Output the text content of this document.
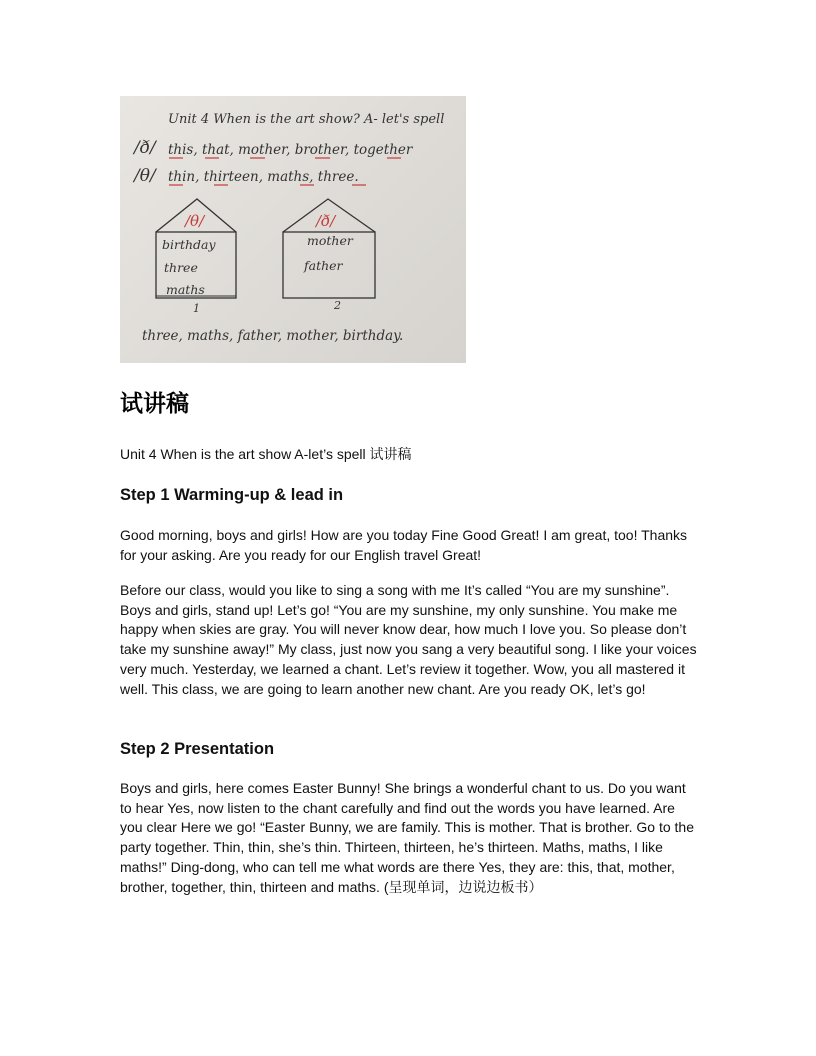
Unit 4 When is the art show? A- let's spell
/ð/ this, that, mother, brother, together
/θ/ thin, thirteen, maths, three.
/θ/
birthday
three
maths
1
/ð/
mother
father
2
three, maths, father, mother, birthday.
试讲稿

Unit 4 When is the art show A-let’s spell 试讲稿

Step 1 Warming-up & lead in

Good morning, boys and girls! How are you today Fine Good Great! I am great, too! Thanks for your asking. Are you ready for our English travel Great!

Before our class, would you like to sing a song with me It’s called “You are my sunshine”. Boys and girls, stand up! Let’s go! “You are my sunshine, my only sunshine. You make me happy when skies are gray. You will never know dear, how much I love you. So please don’t take my sunshine away!” My class, just now you sang a very beautiful song. I like your voices very much. Yesterday, we learned a chant. Let’s review it together. Wow, you all mastered it well. This class, we are going to learn another new chant. Are you ready OK, let’s go!

Step 2 Presentation

Boys and girls, here comes Easter Bunny! She brings a wonderful chant to us. Do you want to hear Yes, now listen to the chant carefully and find out the words you have learned. Are you clear Here we go! “Easter Bunny, we are family. This is mother. That is brother. Go to the party together. Thin, thin, she’s thin. Thirteen, thirteen, he’s thirteen. Maths, maths, I like maths!” Ding-dong, who can tell me what words are there Yes, they are: this, that, mother, brother, together, thin, thirteen and maths. (呈现单词，边说边板书）
